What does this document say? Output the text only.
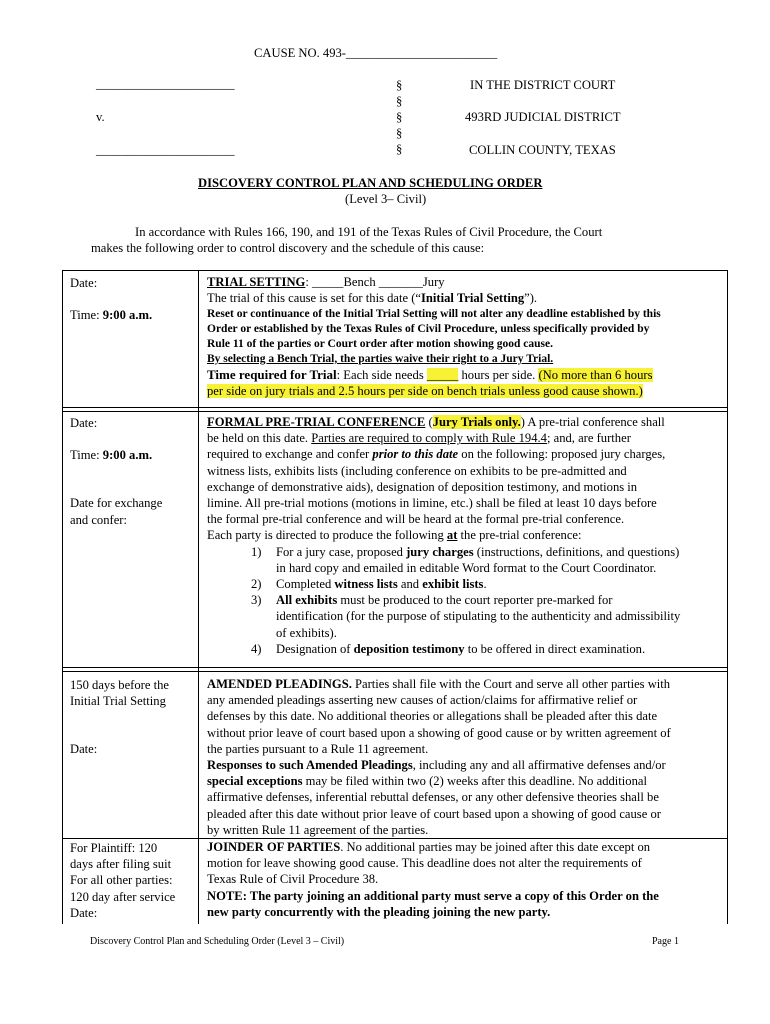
CAUSE NO. 493-________________________
______________________
v.
______________________
§
§
§
§
§
IN THE DISTRICT COURT
493RD JUDICIAL DISTRICT
COLLIN COUNTY, TEXAS
DISCOVERY CONTROL PLAN AND SCHEDULING ORDER
(Level 3– Civil)
In accordance with Rules 166, 190, and 191 of the Texas Rules of Civil Procedure, the Court
makes the following order to control discovery and the schedule of this cause:
Date:
Time: 9:00 a.m.
TRIAL SETTING: _____Bench _______Jury
The trial of this cause is set for this date (“Initial Trial Setting”).
Reset or continuance of the Initial Trial Setting will not alter any deadline established by this
Order or established by the Texas Rules of Civil Procedure, unless specifically provided by
Rule 11 of the parties or Court order after motion showing good cause.
By selecting a Bench Trial, the parties waive their right to a Jury Trial.
Time required for Trial: Each side needs _____ hours per side. (No more than 6 hours
per side on jury trials and 2.5 hours per side on bench trials unless good cause shown.)
Date:
Time: 9:00 a.m.
Date for exchange
and confer:
FORMAL PRE-TRIAL CONFERENCE (Jury Trials only.) A pre-trial conference shall
be held on this date. Parties are required to comply with Rule 194.4; and, are further
required to exchange and confer prior to this date on the following: proposed jury charges,
witness lists, exhibits lists (including conference on exhibits to be pre-admitted and
exchange of demonstrative aids), designation of deposition testimony, and motions in
limine. All pre-trial motions (motions in limine, etc.) shall be filed at least 10 days before
the formal pre-trial conference and will be heard at the formal pre-trial conference.
Each party is directed to produce the following at the pre-trial conference:
1) For a jury case, proposed jury charges (instructions, definitions, and questions)
in hard copy and emailed in editable Word format to the Court Coordinator.
2) Completed witness lists and exhibit lists.
3) All exhibits must be produced to the court reporter pre-marked for
identification (for the purpose of stipulating to the authenticity and admissibility
of exhibits).
4) Designation of deposition testimony to be offered in direct examination.
150 days before the
Initial Trial Setting
Date:
AMENDED PLEADINGS. Parties shall file with the Court and serve all other parties with
any amended pleadings asserting new causes of action/claims for affirmative relief or
defenses by this date. No additional theories or allegations shall be pleaded after this date
without prior leave of court based upon a showing of good cause or by written agreement of
the parties pursuant to a Rule 11 agreement.
Responses to such Amended Pleadings, including any and all affirmative defenses and/or
special exceptions may be filed within two (2) weeks after this deadline. No additional
affirmative defenses, inferential rebuttal defenses, or any other defensive theories shall be
pleaded after this date without prior leave of court based upon a showing of good cause or
by written Rule 11 agreement of the parties.
For Plaintiff: 120
days after filing suit
For all other parties:
120 day after service
Date:
JOINDER OF PARTIES. No additional parties may be joined after this date except on
motion for leave showing good cause. This deadline does not alter the requirements of
Texas Rule of Civil Procedure 38.
NOTE: The party joining an additional party must serve a copy of this Order on the
new party concurrently with the pleading joining the new party.
Discovery Control Plan and Scheduling Order (Level 3 – Civil)	Page 1
